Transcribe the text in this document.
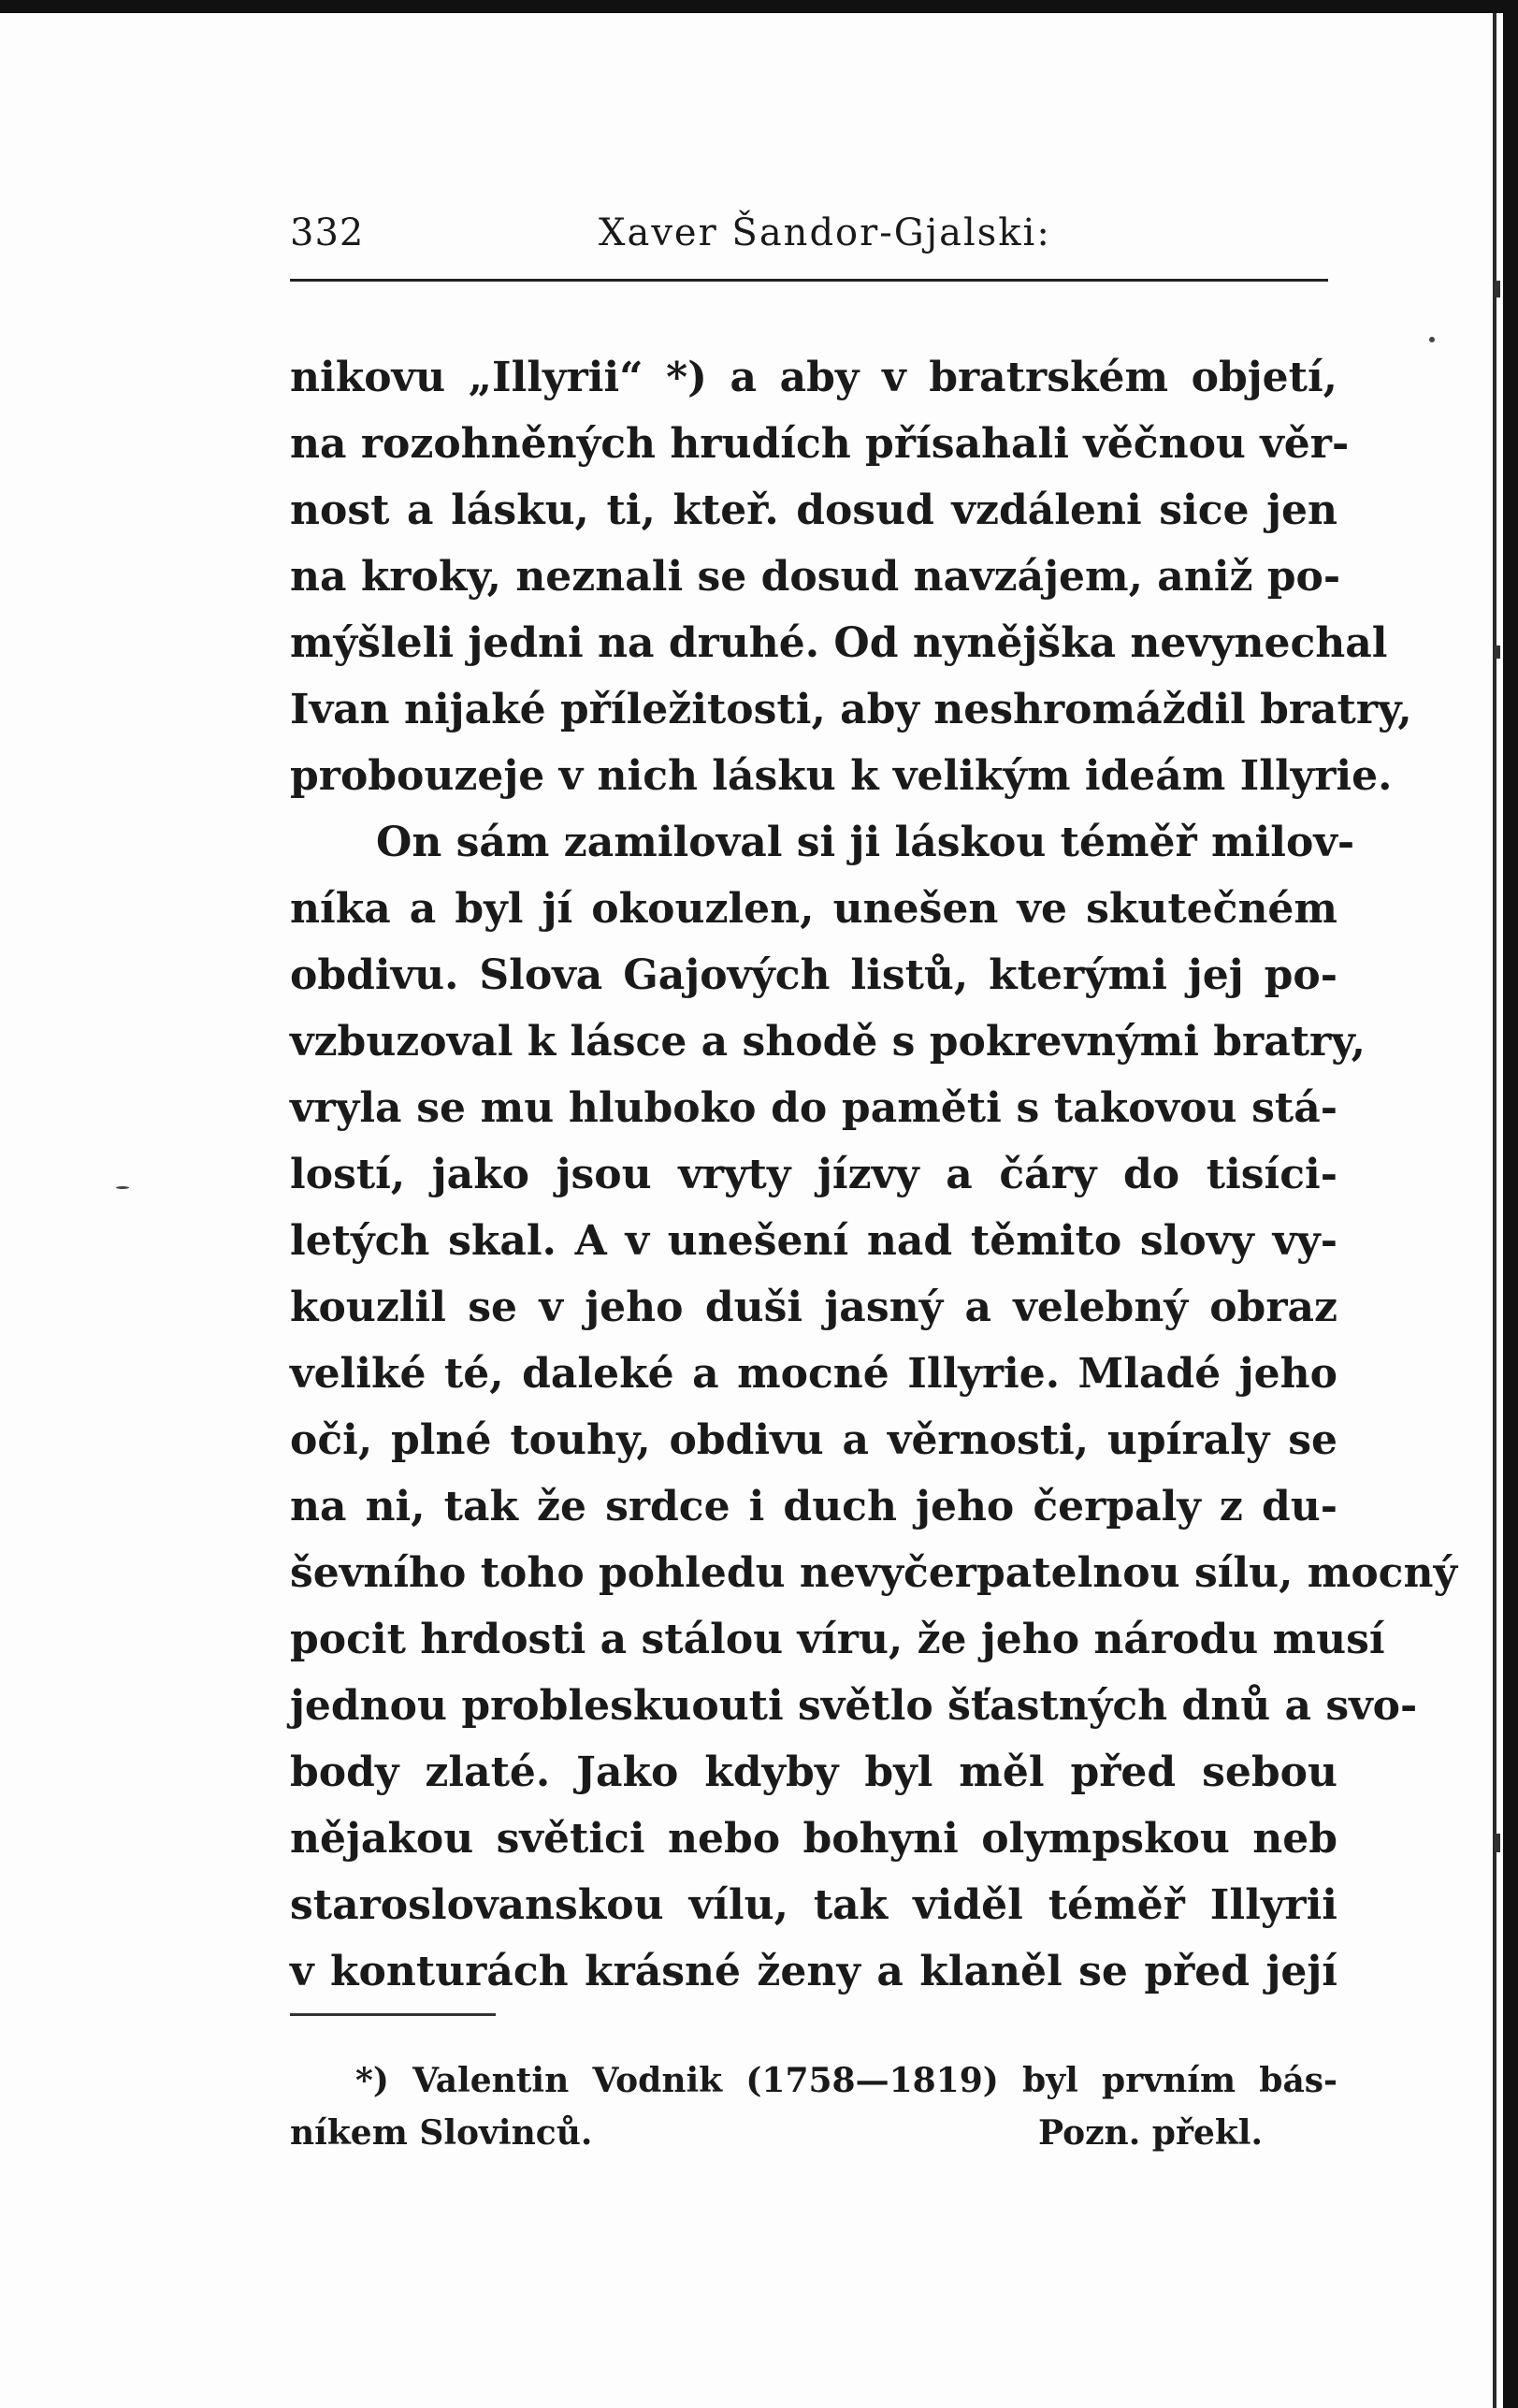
332	Xaver Šandor-Gjalski:
nikovu „Illyrii“ *) a aby v bratrském objetí,
na rozohněných hrudích přísahali věčnou věr-
nost a lásku, ti, kteř. dosud vzdáleni sice jen
na kroky, neznali se dosud navzájem, aniž po-
mýšleli jedni na druhé. Od nynějška nevynechal
Ivan nijaké příležitosti, aby neshromáždil bratry,
probouzeje v nich lásku k velikým ideám Illyrie.
On sám zamiloval si ji láskou téměř milov-
níka a byl jí okouzlen, unešen ve skutečném
obdivu. Slova Gajových listů, kterými jej po-
vzbuzoval k lásce a shodě s pokrevnými bratry,
vryla se mu hluboko do paměti s takovou stá-
lostí, jako jsou vryty jízvy a čáry do tisíci-
letých skal. A v unešení nad těmito slovy vy-
kouzlil se v jeho duši jasný a velebný obraz
veliké té, daleké a mocné Illyrie. Mladé jeho
oči, plné touhy, obdivu a věrnosti, upíraly se
na ni, tak že srdce i duch jeho čerpaly z du-
ševního toho pohledu nevyčerpatelnou sílu, mocný
pocit hrdosti a stálou víru, že jeho národu musí
jednou probleskuouti světlo šťastných dnů a svo-
body zlaté. Jako kdyby byl měl před sebou
nějakou světici nebo bohyni olympskou neb
staroslovanskou vílu, tak viděl téměř Illyrii
v konturách krásné ženy a klaněl se před její
*) Valentin Vodnik (1758—1819) byl prvním bás-
níkem Slovinců.	Pozn. překl.
